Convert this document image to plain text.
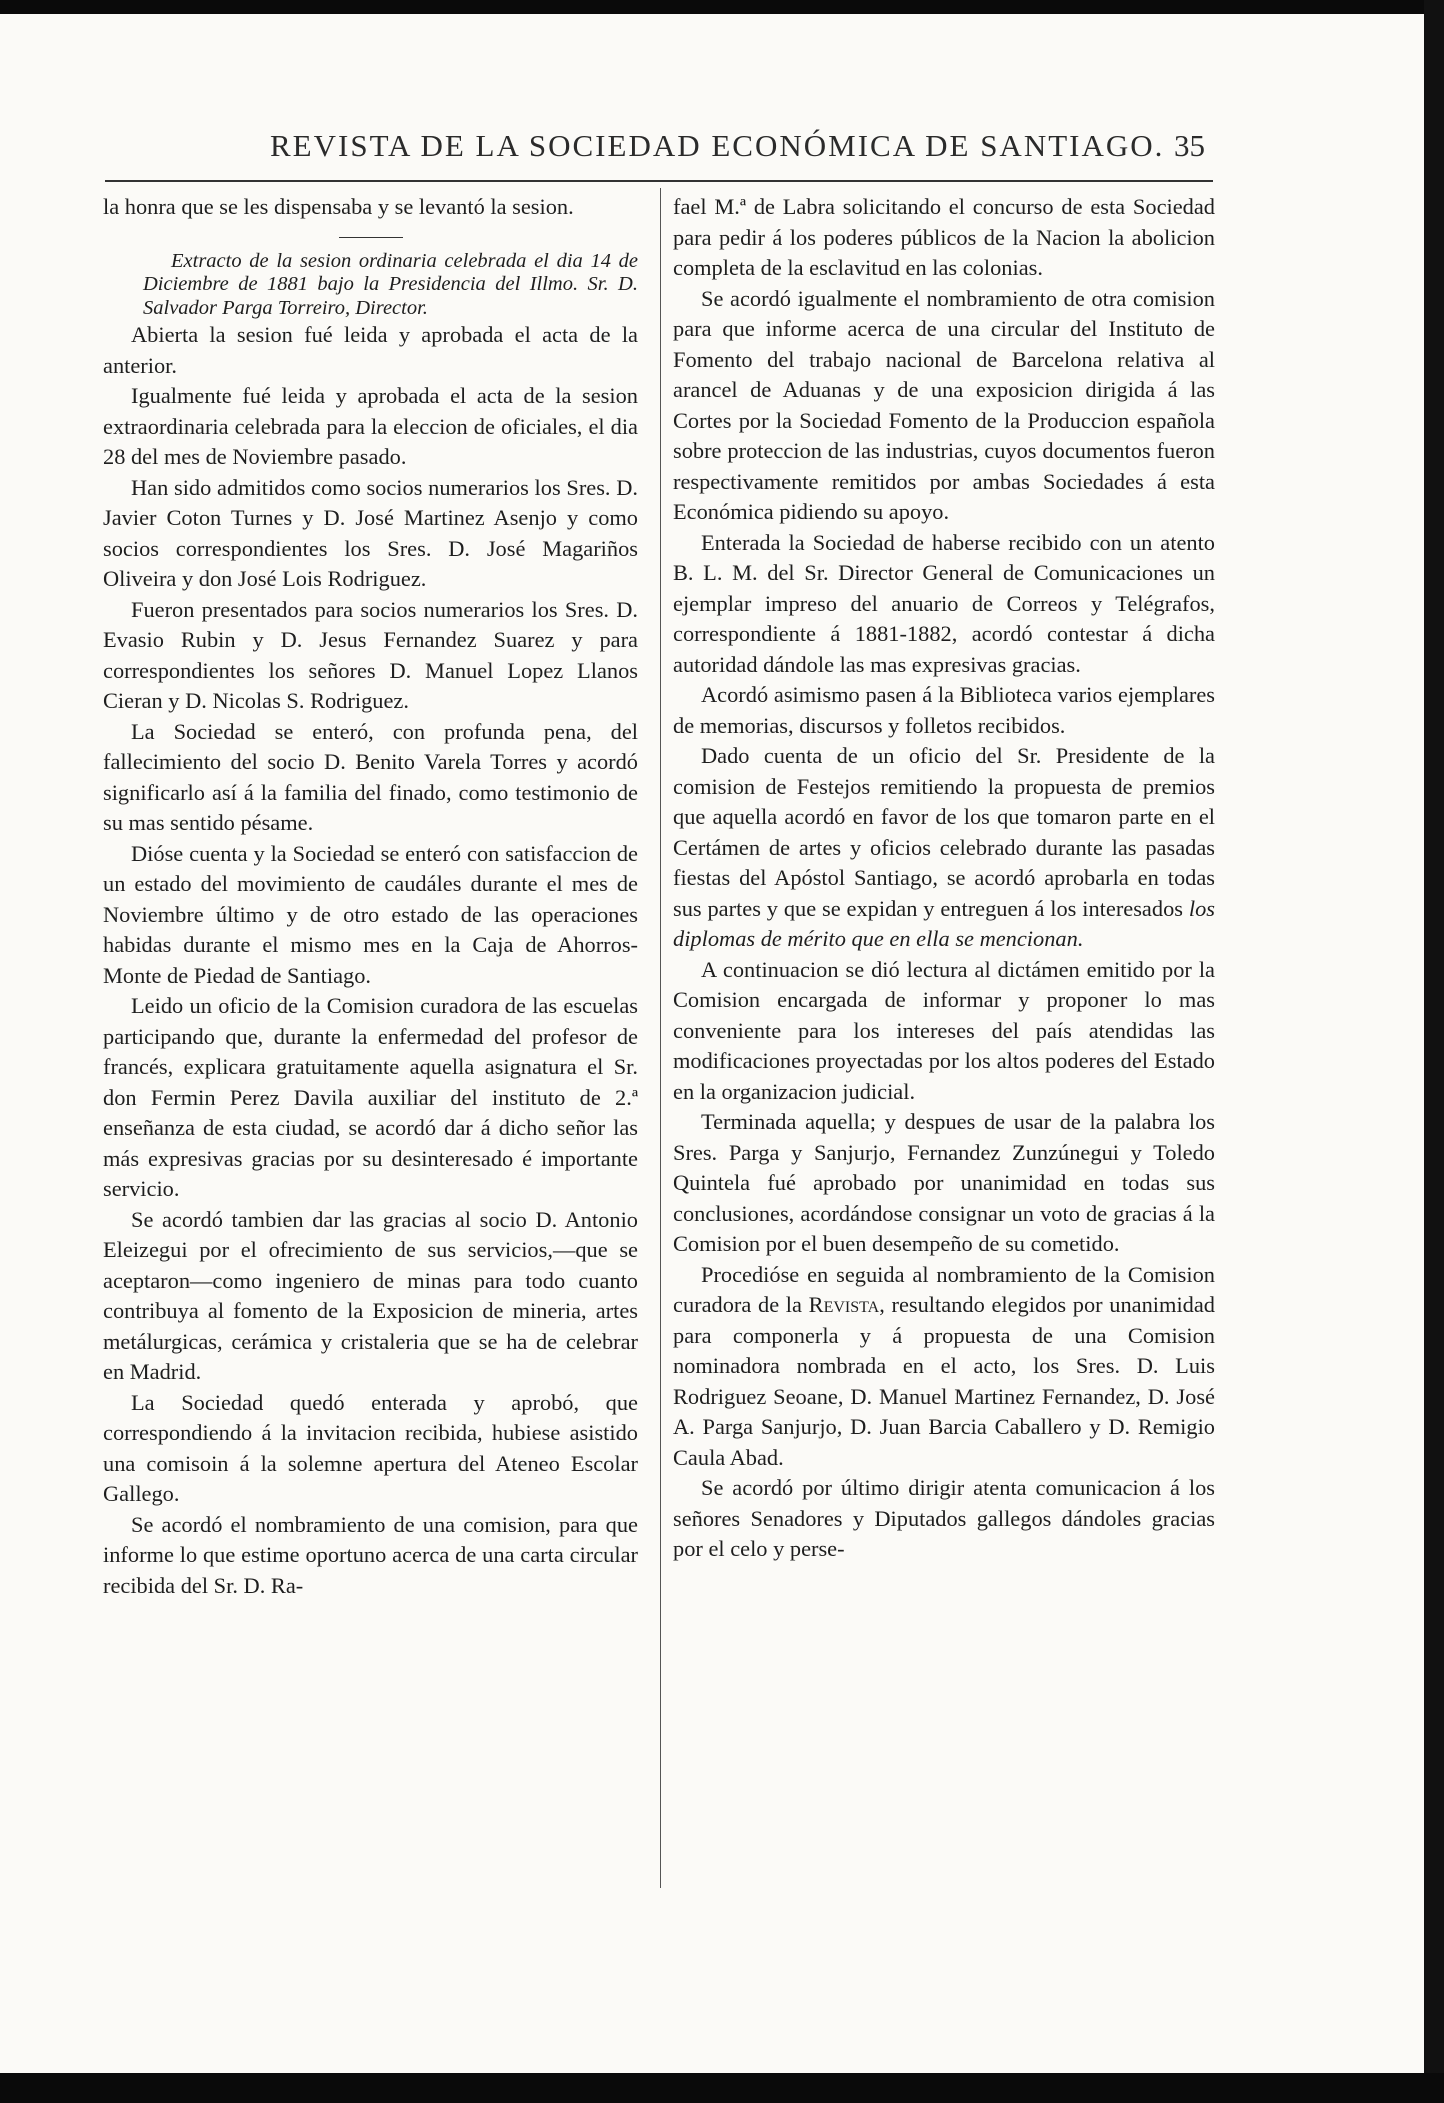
REVISTA DE LA SOCIEDAD ECONÓMICA DE SANTIAGO. 35

la honra que se les dispensaba y se levantó la sesion.

Extracto de la sesion ordinaria celebrada el dia 14 de Diciembre de 1881 bajo la Presidencia del Illmo. Sr. D. Salvador Parga Torreiro, Director.

Abierta la sesion fué leida y aprobada el acta de la anterior.

Igualmente fué leida y aprobada el acta de la sesion extraordinaria celebrada para la eleccion de oficiales, el dia 28 del mes de Noviembre pasado.

Han sido admitidos como socios numerarios los Sres. D. Javier Coton Turnes y D. José Martinez Asenjo y como socios correspondientes los Sres. D. José Magariños Oliveira y don José Lois Rodriguez.

Fueron presentados para socios numerarios los Sres. D. Evasio Rubin y D. Jesus Fernandez Suarez y para correspondientes los señores D. Manuel Lopez Llanos Cieran y D. Nicolas S. Rodriguez.

La Sociedad se enteró, con profunda pena, del fallecimiento del socio D. Benito Varela Torres y acordó significarlo así á la familia del finado, como testimonio de su mas sentido pésame.

Dióse cuenta y la Sociedad se enteró con satisfaccion de un estado del movimiento de caudáles durante el mes de Noviembre último y de otro estado de las operaciones habidas durante el mismo mes en la Caja de Ahorros-Monte de Piedad de Santiago.

Leido un oficio de la Comision curadora de las escuelas participando que, durante la enfermedad del profesor de francés, explicara gratuitamente aquella asignatura el Sr. don Fermin Perez Davila auxiliar del instituto de 2.ª enseñanza de esta ciudad, se acordó dar á dicho señor las más expresivas gracias por su desinteresado é importante servicio.

Se acordó tambien dar las gracias al socio D. Antonio Eleizegui por el ofrecimiento de sus servicios,—que se aceptaron—como ingeniero de minas para todo cuanto contribuya al fomento de la Exposicion de mineria, artes metálurgicas, cerámica y cristaleria que se ha de celebrar en Madrid.

La Sociedad quedó enterada y aprobó, que correspondiendo á la invitacion recibida, hubiese asistido una comisoin á la solemne apertura del Ateneo Escolar Gallego.

Se acordó el nombramiento de una comision, para que informe lo que estime oportuno acerca de una carta circular recibida del Sr. D. Ra-

fael M.ª de Labra solicitando el concurso de esta Sociedad para pedir á los poderes públicos de la Nacion la abolicion completa de la esclavitud en las colonias.

Se acordó igualmente el nombramiento de otra comision para que informe acerca de una circular del Instituto de Fomento del trabajo nacional de Barcelona relativa al arancel de Aduanas y de una exposicion dirigida á las Cortes por la Sociedad Fomento de la Produccion española sobre proteccion de las industrias, cuyos documentos fueron respectivamente remitidos por ambas Sociedades á esta Económica pidiendo su apoyo.

Enterada la Sociedad de haberse recibido con un atento B. L. M. del Sr. Director General de Comunicaciones un ejemplar impreso del anuario de Correos y Telégrafos, correspondiente á 1881-1882, acordó contestar á dicha autoridad dándole las mas expresivas gracias.

Acordó asimismo pasen á la Biblioteca varios ejemplares de memorias, discursos y folletos recibidos.

Dado cuenta de un oficio del Sr. Presidente de la comision de Festejos remitiendo la propuesta de premios que aquella acordó en favor de los que tomaron parte en el Certámen de artes y oficios celebrado durante las pasadas fiestas del Apóstol Santiago, se acordó aprobarla en todas sus partes y que se expidan y entreguen á los interesados los diplomas de mérito que en ella se mencionan.

A continuacion se dió lectura al dictámen emitido por la Comision encargada de informar y proponer lo mas conveniente para los intereses del país atendidas las modificaciones proyectadas por los altos poderes del Estado en la organizacion judicial.

Terminada aquella; y despues de usar de la palabra los Sres. Parga y Sanjurjo, Fernandez Zunzúnegui y Toledo Quintela fué aprobado por unanimidad en todas sus conclusiones, acordándose consignar un voto de gracias á la Comision por el buen desempeño de su cometido.

Procedióse en seguida al nombramiento de la Comision curadora de la Revista, resultando elegidos por unanimidad para componerla y á propuesta de una Comision nominadora nombrada en el acto, los Sres. D. Luis Rodriguez Seoane, D. Manuel Martinez Fernandez, D. José A. Parga Sanjurjo, D. Juan Barcia Caballero y D. Remigio Caula Abad.

Se acordó por último dirigir atenta comunicacion á los señores Senadores y Diputados gallegos dándoles gracias por el celo y perse-
